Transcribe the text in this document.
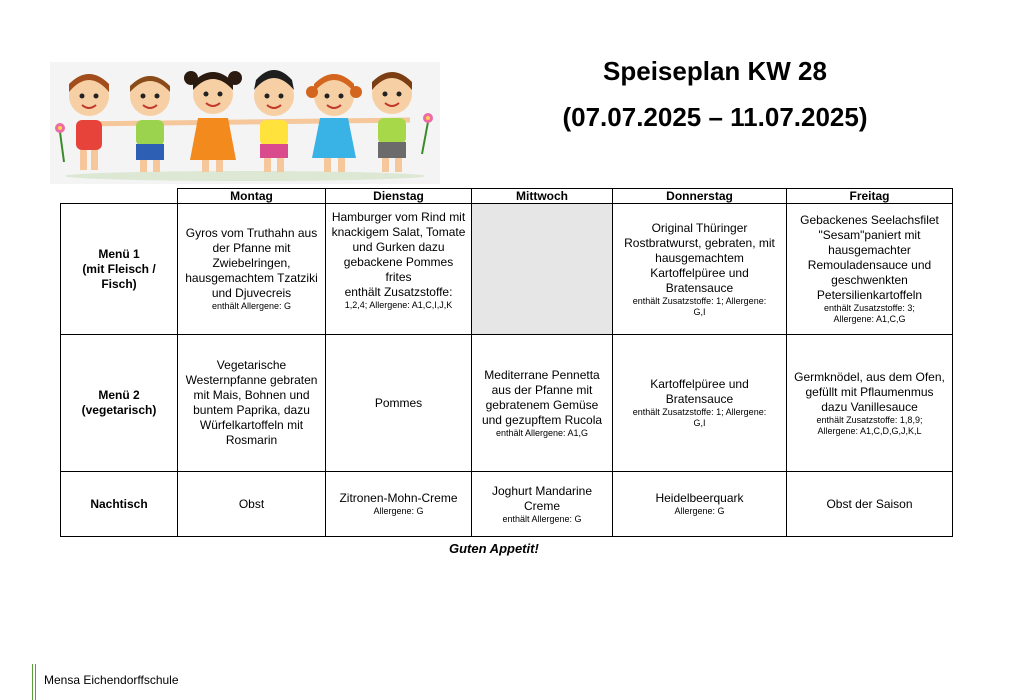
Speiseplan KW 28
(07.07.2025 – 11.07.2025)
	Montag	Dienstag	Mittwoch	Donnerstag	Freitag
Menü 1
(mit Fleisch /
Fisch)	Gyros vom Truthahn aus der Pfanne mit Zwiebelringen, hausgemachtem Tzatziki und Djuvecreis
enthält Allergene: G	Hamburger vom Rind mit knackigem Salat, Tomate und Gurken dazu gebackene Pommes frites
enthält Zusatzstoffe:
1,2,4; Allergene: A1,C,I,J,K		Original Thüringer Rostbratwurst, gebraten, mit hausgemachtem Kartoffelpüree und Bratensauce
enthält Zusatzstoffe: 1; Allergene:
G,I	Gebackenes Seelachsfilet "Sesam"paniert mit hausgemachter Remouladensauce und geschwenkten Petersilienkartoffeln
enthält Zusatzstoffe: 3;
Allergene: A1,C,G

Menü 2
(vegetarisch)	Vegetarische Westernpfanne gebraten mit Mais, Bohnen und buntem Paprika, dazu Würfelkartoffeln mit Rosmarin	Pommes	Mediterrane Pennetta aus der Pfanne mit gebratenem Gemüse und gezupftem Rucola
enthält Allergene: A1,G	Kartoffelpüree und Bratensauce
enthält Zusatzstoffe: 1; Allergene:
G,I	Germknödel, aus dem Ofen, gefüllt mit Pflaumenmus dazu Vanillesauce
enthält Zusatzstoffe: 1,8,9;
Allergene: A1,C,D,G,J,K,L

Nachtisch	Obst	Zitronen-Mohn-Creme
Allergene: G	Joghurt Mandarine Creme
enthält Allergene: G	Heidelbeerquark
Allergene: G	Obst der Saison
Guten Appetit!
Mensa Eichendorffschule
